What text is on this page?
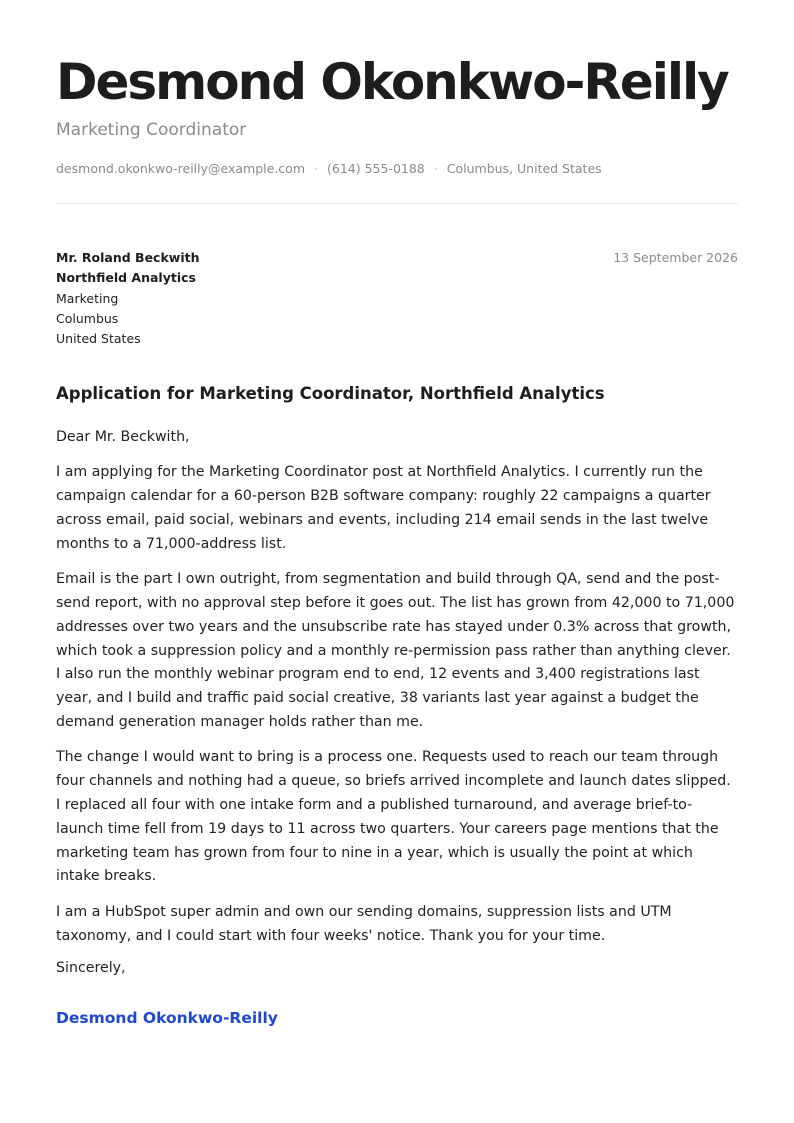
Desmond Okonkwo-Reilly
Marketing Coordinator
desmond.okonkwo-reilly@example.com · (614) 555-0188 · Columbus, United States
Mr. Roland Beckwith
Northfield Analytics
Marketing
Columbus
United States
13 September 2026
Application for Marketing Coordinator, Northfield Analytics

Dear Mr. Beckwith,

I am applying for the Marketing Coordinator post at Northfield Analytics. I currently run the campaign calendar for a 60-person B2B software company: roughly 22 campaigns a quarter across email, paid social, webinars and events, including 214 email sends in the last twelve months to a 71,000-address list.

Email is the part I own outright, from segmentation and build through QA, send and the post-send report, with no approval step before it goes out. The list has grown from 42,000 to 71,000 addresses over two years and the unsubscribe rate has stayed under 0.3% across that growth, which took a suppression policy and a monthly re-permission pass rather than anything clever. I also run the monthly webinar program end to end, 12 events and 3,400 registrations last year, and I build and traffic paid social creative, 38 variants last year against a budget the demand generation manager holds rather than me.

The change I would want to bring is a process one. Requests used to reach our team through four channels and nothing had a queue, so briefs arrived incomplete and launch dates slipped. I replaced all four with one intake form and a published turnaround, and average brief-to-launch time fell from 19 days to 11 across two quarters. Your careers page mentions that the marketing team has grown from four to nine in a year, which is usually the point at which intake breaks.

I am a HubSpot super admin and own our sending domains, suppression lists and UTM taxonomy, and I could start with four weeks' notice. Thank you for your time.

Sincerely,
Desmond Okonkwo-Reilly
